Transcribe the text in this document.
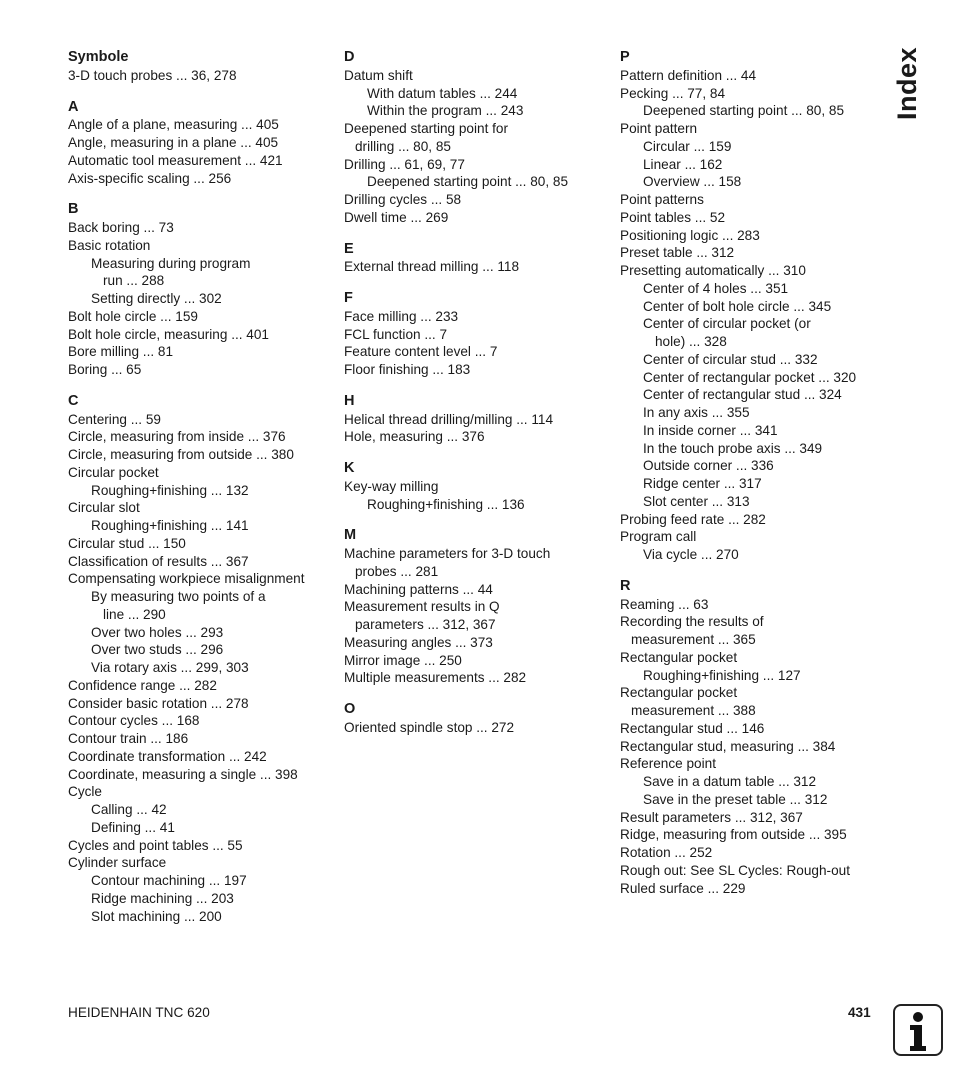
Symbole
3-D touch probes ... 36, 278
A
Angle of a plane, measuring ... 405
Angle, measuring in a plane ... 405
Automatic tool measurement ... 421
Axis-specific scaling ... 256
B
Back boring ... 73
Basic rotation
Measuring during program
run ... 288
Setting directly ... 302
Bolt hole circle ... 159
Bolt hole circle, measuring ... 401
Bore milling ... 81
Boring ... 65
C
Centering ... 59
Circle, measuring from inside ... 376
Circle, measuring from outside ... 380
Circular pocket
Roughing+finishing ... 132
Circular slot
Roughing+finishing ... 141
Circular stud ... 150
Classification of results ... 367
Compensating workpiece misalignment
By measuring two points of a
line ... 290
Over two holes ... 293
Over two studs ... 296
Via rotary axis ... 299, 303
Confidence range ... 282
Consider basic rotation ... 278
Contour cycles ... 168
Contour train ... 186
Coordinate transformation ... 242
Coordinate, measuring a single ... 398
Cycle
Calling ... 42
Defining ... 41
Cycles and point tables ... 55
Cylinder surface
Contour machining ... 197
Ridge machining ... 203
Slot machining ... 200
D
Datum shift
With datum tables ... 244
Within the program ... 243
Deepened starting point for
drilling ... 80, 85
Drilling ... 61, 69, 77
Deepened starting point ... 80, 85
Drilling cycles ... 58
Dwell time ... 269
E
External thread milling ... 118
F
Face milling ... 233
FCL function ... 7
Feature content level ... 7
Floor finishing ... 183
H
Helical thread drilling/milling ... 114
Hole, measuring ... 376
K
Key-way milling
Roughing+finishing ... 136
M
Machine parameters for 3-D touch
probes ... 281
Machining patterns ... 44
Measurement results in Q
parameters ... 312, 367
Measuring angles ... 373
Mirror image ... 250
Multiple measurements ... 282
O
Oriented spindle stop ... 272
P
Pattern definition ... 44
Pecking ... 77, 84
Deepened starting point ... 80, 85
Point pattern
Circular ... 159
Linear ... 162
Overview ... 158
Point patterns
Point tables ... 52
Positioning logic ... 283
Preset table ... 312
Presetting automatically ... 310
Center of 4 holes ... 351
Center of bolt hole circle ... 345
Center of circular pocket (or
hole) ... 328
Center of circular stud ... 332
Center of rectangular pocket ... 320
Center of rectangular stud ... 324
In any axis ... 355
In inside corner ... 341
In the touch probe axis ... 349
Outside corner ... 336
Ridge center ... 317
Slot center ... 313
Probing feed rate ... 282
Program call
Via cycle ... 270
R
Reaming ... 63
Recording the results of
measurement ... 365
Rectangular pocket
Roughing+finishing ... 127
Rectangular pocket
measurement ... 388
Rectangular stud ... 146
Rectangular stud, measuring ... 384
Reference point
Save in a datum table ... 312
Save in the preset table ... 312
Result parameters ... 312, 367
Ridge, measuring from outside ... 395
Rotation ... 252
Rough out: See SL Cycles: Rough-out
Ruled surface ... 229
Index
HEIDENHAIN TNC 620	431
